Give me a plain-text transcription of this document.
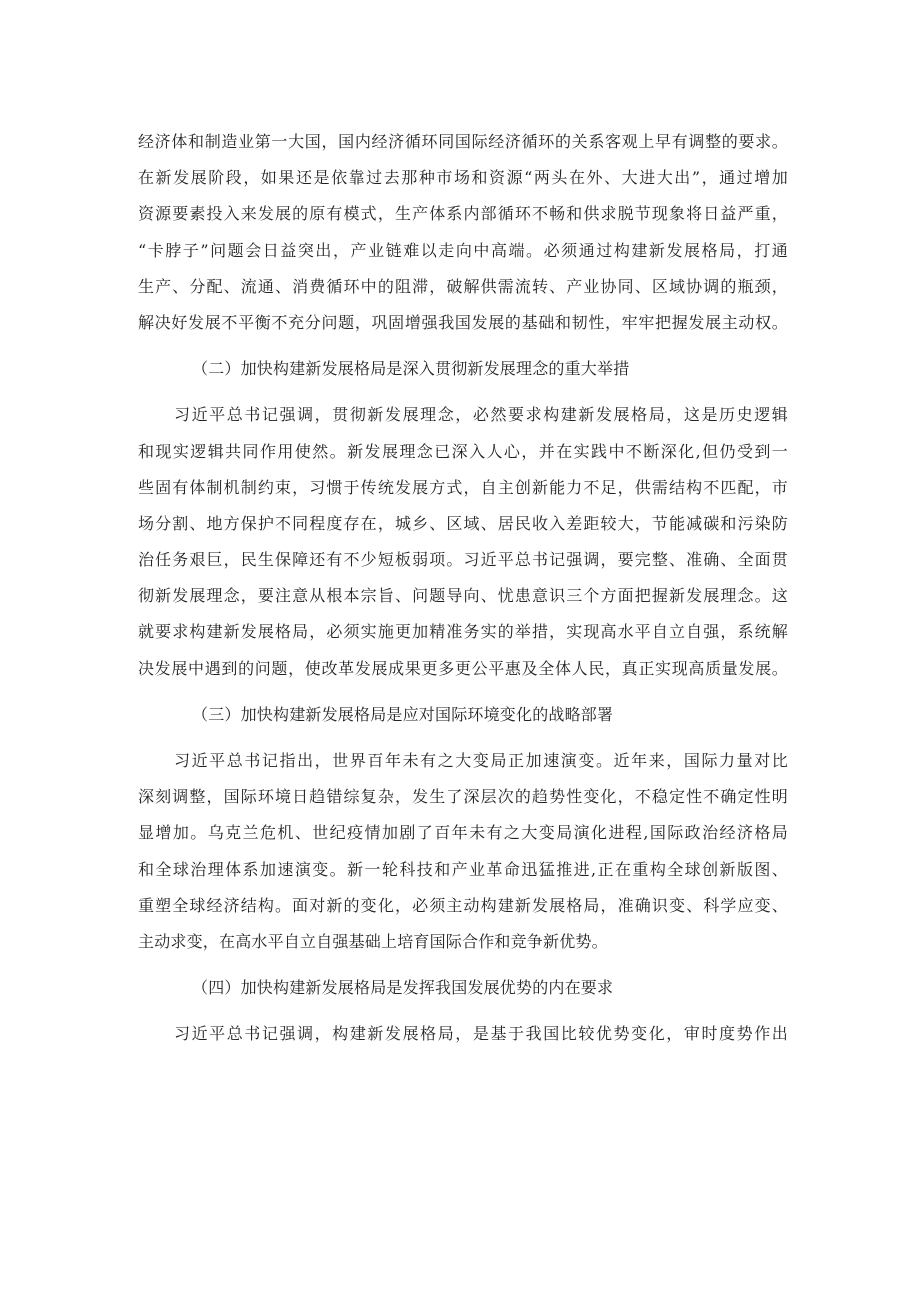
经济体和制造业第一大国，国内经济循环同国际经济循环的关系客观上早有调整的要求。
在新发展阶段，如果还是依靠过去那种市场和资源“两头在外、大进大出”，通过增加
资源要素投入来发展的原有模式，生产体系内部循环不畅和供求脱节现象将日益严重，
“卡脖子”问题会日益突出，产业链难以走向中高端。必须通过构建新发展格局，打通
生产、分配、流通、消费循环中的阻滞，破解供需流转、产业协同、区域协调的瓶颈，
解决好发展不平衡不充分问题，巩固增强我国发展的基础和韧性，牢牢把握发展主动权。
（二）加快构建新发展格局是深入贯彻新发展理念的重大举措
习近平总书记强调，贯彻新发展理念，必然要求构建新发展格局，这是历史逻辑
和现实逻辑共同作用使然。新发展理念已深入人心，并在实践中不断深化,但仍受到一
些固有体制机制约束，习惯于传统发展方式，自主创新能力不足，供需结构不匹配，市
场分割、地方保护不同程度存在，城乡、区域、居民收入差距较大，节能减碳和污染防
治任务艰巨，民生保障还有不少短板弱项。习近平总书记强调，要完整、准确、全面贯
彻新发展理念，要注意从根本宗旨、问题导向、忧患意识三个方面把握新发展理念。这
就要求构建新发展格局，必须实施更加精准务实的举措，实现高水平自立自强，系统解
决发展中遇到的问题，使改革发展成果更多更公平惠及全体人民，真正实现高质量发展。
（三）加快构建新发展格局是应对国际环境变化的战略部署
习近平总书记指出，世界百年未有之大变局正加速演变。近年来，国际力量对比
深刻调整，国际环境日趋错综复杂，发生了深层次的趋势性变化，不稳定性不确定性明
显增加。乌克兰危机、世纪疫情加剧了百年未有之大变局演化进程,国际政治经济格局
和全球治理体系加速演变。新一轮科技和产业革命迅猛推进,正在重构全球创新版图、
重塑全球经济结构。面对新的变化，必须主动构建新发展格局，准确识变、科学应变、
主动求变，在高水平自立自强基础上培育国际合作和竞争新优势。
（四）加快构建新发展格局是发挥我国发展优势的内在要求
习近平总书记强调，构建新发展格局，是基于我国比较优势变化，审时度势作出
